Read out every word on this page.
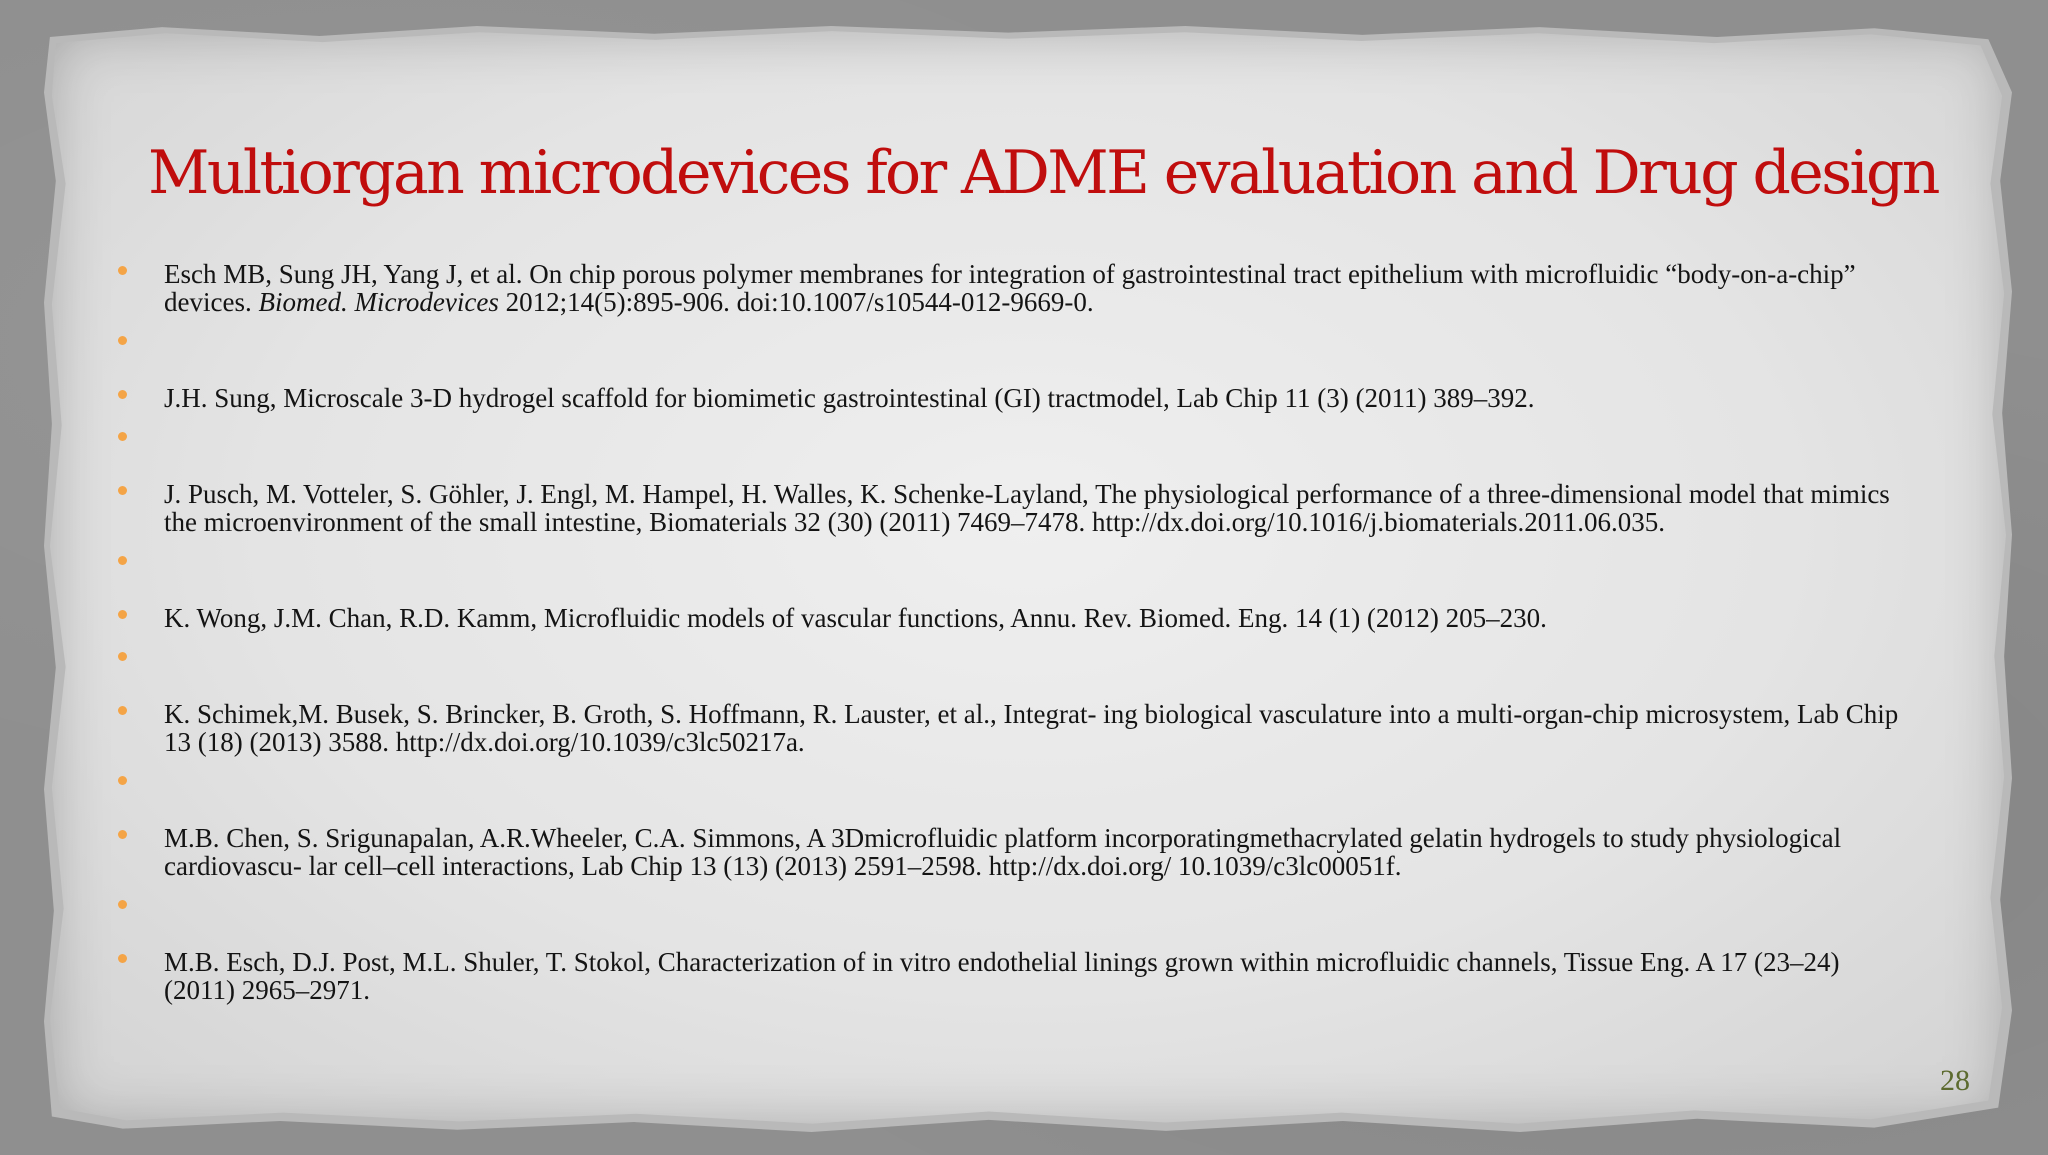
Multiorgan microdevices for ADME evaluation and Drug design
Esch MB, Sung JH, Yang J, et al. On chip porous polymer membranes for integration of gastrointestinal tract epithelium with microfluidic “body-on-a-chip” devices. Biomed. Microdevices 2012;14(5):895-906. doi:10.1007/s10544-012-9669-0.
J.H. Sung, Microscale 3-D hydrogel scaffold for biomimetic gastrointestinal (GI) tractmodel, Lab Chip 11 (3) (2011) 389–392.
J. Pusch, M. Votteler, S. Göhler, J. Engl, M. Hampel, H. Walles, K. Schenke-Layland, The physiological performance of a three-dimensional model that mimics the microenvironment of the small intestine, Biomaterials 32 (30) (2011) 7469–7478. http://dx.doi.org/10.1016/j.biomaterials.2011.06.035.
K. Wong, J.M. Chan, R.D. Kamm, Microfluidic models of vascular functions, Annu. Rev. Biomed. Eng. 14 (1) (2012) 205–230.
K. Schimek,M. Busek, S. Brincker, B. Groth, S. Hoffmann, R. Lauster, et al., Integrat- ing biological vasculature into a multi-organ-chip microsystem, Lab Chip 13 (18) (2013) 3588. http://dx.doi.org/10.1039/c3lc50217a.
M.B. Chen, S. Srigunapalan, A.R.Wheeler, C.A. Simmons, A 3Dmicrofluidic platform incorporatingmethacrylated gelatin hydrogels to study physiological cardiovascu- lar cell–cell interactions, Lab Chip 13 (13) (2013) 2591–2598. http://dx.doi.org/ 10.1039/c3lc00051f.
M.B. Esch, D.J. Post, M.L. Shuler, T. Stokol, Characterization of in vitro endothelial linings grown within microfluidic channels, Tissue Eng. A 17 (23–24) (2011) 2965–2971.
28
